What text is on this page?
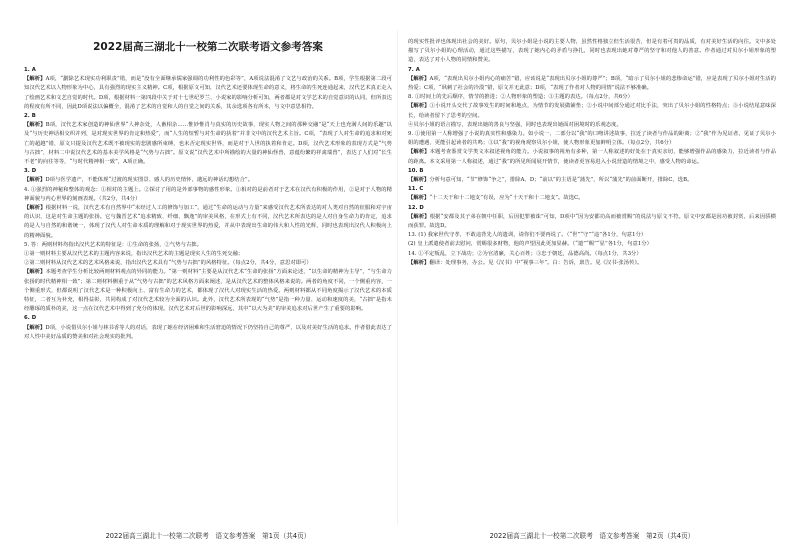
2022届高三湖北十一校第二次联考语文参考答案

1. A

【解析】A项，“劃除艺术现实功利职责”错，而是“没有全面继承儒家强调的功利性的色彩等”，A项说法混淆了文艺与政治的关系。B项，学生根据第二段可知汉代艺术以人物形象为中心，具有强烈的现实主义精神。C项，根据原文可知，汉代艺术还要体现生命的意义，将生命的生死连通起来，汉代艺术真正走入了绘画艺术和文艺自觉的时代。D项，根据材料一第四段中关于对十七世纪罗兰、小说家的影响分析可知，两者都是对文学艺术的自觉意识的认同，但所表达的程度有所不同，因此D项说法以偏概全，混淆了艺术的自觉和人的自觉之间的关系，其余选项各有所本，与文中意思相符。

2. B

【解析】B项，汉代艺术家创造的神仙世界“人神杂处，人畜相杂……惟妙惟肖与真实的历史故事，现实人物之间的那种交融”是“天上也充满人间的乐趣”以及“与历史神话相交织并列，是对现实世界的肯定和热爱”，而“人生的短暂与对生命的执着”并非文中的汉代艺术主旨。C项，“表现了人对生命的追求和对死亡的超越”错，原文只提及汉代艺术既不被现实的悲剧感所束缚，也未否定现实世界，而是对于人世的执着和肯定。D项，汉代艺术形象的表现方式是“气势与古拙”，材料二中说汉代艺术的基本美学风格是“气势与古拙”。原文说“汉代艺术中所描绘的大量的神仙怪兽，意蕴纷繁的祥禽瑞兽”，表达了人们对“长生不老”的向往等等，“与时代精神相一致”，A项正确。

3. D

【解析】D项与医学遗产，不能体现“过渡的现实图景、感人的历史情怀，邈远的神话幻想结合”。

4. ①强烈的神秘和整体的观念：①相对的主题上。②探讨了用的是外部事物的感性形象。①相对的是前者对于艺术在汉代有积极的作用，②是对于人物的精神面貌与内心世界的刻画表现。（共2分，共4分）

【解析】根据材料一说，汉代艺术有自然界中“未经过人工的修饰与加工”，通过“生命的运动与力量”来感受汉代艺术所表达的对人类对自然的征服和对宇宙的认识，这是对生命主题的张扬。它与魏晋艺术“追求精致、纤细、飘逸”的审美风格，在形式上有不同，汉代艺术所表达的是人对自身生命力的肯定，追求的是人与自然的和谐统一，体现了汉代人对生命本质的理解和对于现实世界的热爱，并从中表现出生命的伟大和人性的光辉，同时也表现出汉代人积极向上的精神面貌。

5. 答：两则材料均指出汉代艺术的特征是：①生命的张扬，②气势与古拙。

①第一则材料主要从汉代艺术的主题内容来说，指出汉代艺术的主题是现实人生的生死交融；

②第二则材料从汉代艺术的艺术风格来说，指出汉代艺术具有“气势与古拙”的风格特征。（每点2分，共4分，意思对即可）

【解析】本题考查学生分析比较两则材料观点的异同的能力。“第一则材料”主要是从汉代艺术“生命的张扬”方面来论述，“以生命的精神为主导”，“与生命力张扬的时代精神相一致”；第二则材料侧重于从“气势与古拙”的艺术风格方面来阐述，是从汉代艺术的整体风格来说的。两者的角度不同，一个侧重内容，一个侧重形式，但都说明了汉代艺术是一种积极向上、富有生命力的艺术，都体现了汉代人对现实生活的热爱。两则材料都从不同角度揭示了汉代艺术的本质特征，二者互为补充，相得益彰，共同构成了对汉代艺术较为全面的认识。此外，汉代艺术所表现的“气势”是指一种力量、运动和速度的美，“古拙”是指未经雕琢的质朴的美，这一点在汉代艺术中得到了充分的体现。汉代艺术对后世的影响深远，其中“以大为美”的审美追求对后世产生了重要的影响。

6. D

【解析】D项，小说借贝尔小姐与林书香等人的对话，表现了她在经济困难和生活窘迫的情况下仍坚持自己的尊严，以及对美好生活的追求。作者借此表达了对人性中美好品质的赞美和对社会现实的批判。

2022届高三湖北十一校第二次联考　语文参考答案　第1页（共4页）

的现实性批评也体现出社会的美好。原句，贝尔小姐是小说的主要人物，虽然性格独立但生活很苦，但是有着可贵的品质，有对美好生活的向往。文中多处描写了贝尔小姐的心理活动，通过这些描写，表现了她内心的矛盾与挣扎，同时也表现出她对尊严的坚守和对他人的善意。作者通过对贝尔小姐形象的塑造，表达了对小人物的同情和赞美。

7. A

【解析】A项，“表现出贝尔小姐内心的痛苦”错，应该说是“表现出贝尔小姐的尊严”；B项，“暗示了贝尔小姐的悲惨命运”错，应是表现了贝尔小姐对生活的热爱；C项，“讽刺了社会的冷漠”错，原文并无此意；D项，“表现了作者对人物的同情”说法不够准确。

8. ①时间上的先后顺序，情节的推进；②人物形象的塑造；③主题的表达。（每点2分，共6分）

【解析】①小说开头交代了故事发生的时间和地点，为情节的发展做铺垫；②小说中间部分通过对比手法，突出了贝尔小姐的性格特点；③小说结尾意味深长，给读者留下了思考的空间。

④贝尔小姐的语言描写，表现出她的善良与坚强，同时也表现出她面对困境时的乐观态度。

9. ①使用第一人称增强了小说的真实性和感染力。如小说一、二部分以“我”的口吻讲述故事，拉近了读者与作品的距离；②“我”作为见证者，见证了贝尔小姐的遭遇，更能引起读者的共鸣；③以“我”的视角观察贝尔小姐，使人物形象更加鲜明立体。（每点2分，共6分）

【解析】本题考查鉴赏文学类文本叙述视角的能力。小说叙事的视角有多种，第一人称叙述的好处在于真实亲切，能够增强作品的感染力，拉近读者与作品的距离。本文采用第一人称叙述，通过“我”的所见所闻展开情节，使读者更容易进入小说营造的情境之中，感受人物的命运。

10. B

【解析】分析句意可知，“节”修饰“争之”，排除A、D；“前以”的主语是“蒲先”，所以“蒲先”的前面断开，排除C，选B。

11. C

【解析】“十二天干和十二地支”有误，应为“十天干和十二地支”。故选C。

12. D

【解析】根据“安都及其子弟在朝中任职，后因犯罪被诛”可知，D项中“因为安都功高而被赏赐”的说法与原文不符。原文中安都是因功被封赏，后来因骄横而获罪。故选D。

13. (1) 我家世代守孝，不敢违背先人的遗训，请你们不要再说了。（“世”“守”“违”各1分，句意1分）

(2) 皇上派遣使者前去慰问，赏赐很多财物，他的声望因此更加显赫。（“遣”“赐”“显”各1分，句意1分）

14. ①平定叛乱，立下战功；②为官清廉，关心百姓；③忠于朝廷，品德高尚。（每点1分，共3分）

【解析】翻译：处理事务，办公。见《汉书》中“视事三年”。白：告诉，禀告。见《汉书·张汤传》。

2022届高三湖北十一校第二次联考　语文参考答案　第2页（共4页）
